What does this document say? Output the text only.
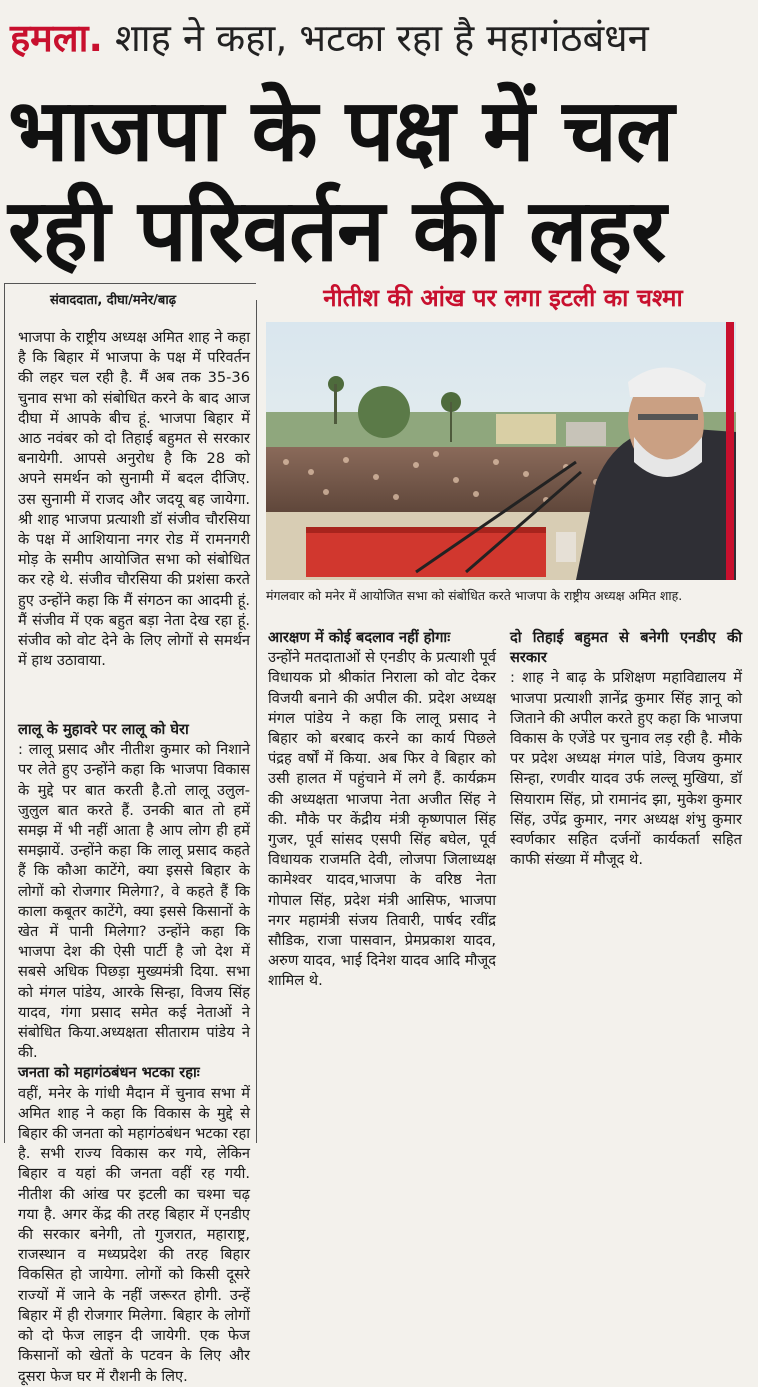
हमला. शाह ने कहा, भटका रहा है महागंठबंधन
भाजपा के पक्ष में चल
रही परिवर्तन की लहर
संवाददाता, दीघा/मनेर/बाढ़	नीतीश की आंख पर लगा इटली का चश्मा
मंगलवार को मनेर में आयोजित सभा को संबोधित करते भाजपा के राष्ट्रीय अध्यक्ष अमित शाह.

भाजपा के राष्ट्रीय अध्यक्ष अमित शाह ने कहा है कि बिहार में भाजपा के पक्ष में परिवर्तन की लहर चल रही है. मैं अब तक 35-36 चुनाव सभा को संबोधित करने के बाद आज दीघा में आपके बीच हूं. भाजपा बिहार में आठ नवंबर को दो तिहाई बहुमत से सरकार बनायेगी. आपसे अनुरोध है कि 28 को अपने समर्थन को सुनामी में बदल दीजिए. उस सुनामी में राजद और जदयू बह जायेगा. श्री शाह भाजपा प्रत्याशी डॉ संजीव चौरसिया के पक्ष में आशियाना नगर रोड में रामनगरी मोड़ के समीप आयोजित सभा को संबोधित कर रहे थे. संजीव चौरसिया की प्रशंसा करते हुए उन्होंने कहा कि मैं संगठन का आदमी हूं. मैं संजीव में एक बहुत बड़ा नेता देख रहा हूं. संजीव को वोट देने के लिए लोगों से समर्थन में हाथ उठावाया.

लालू के मुहावरे पर लालू को घेरा

: लालू प्रसाद और नीतीश कुमार को निशाने पर लेते हुए उन्होंने कहा कि भाजपा विकास के मुद्दे पर बात करती है.तो लालू उलुल-जुलुल बात करते हैं. उनकी बात तो हमें समझ में भी नहीं आता है आप लोग ही हमें समझायें. उन्होंने कहा कि लालू प्रसाद कहते हैं कि कौआ काटेंगे, क्या इससे बिहार के लोगों को रोजगार मिलेगा?, वे कहते हैं कि काला कबूतर काटेंगे, क्या इससे किसानों के खेत में पानी मिलेगा? उन्होंने कहा कि भाजपा देश की ऐसी पार्टी है जो देश में सबसे अधिक पिछड़ा मुख्यमंत्री दिया. सभा को मंगल पांडेय, आरके सिन्हा, विजय सिंह यादव, गंगा प्रसाद समेत कई नेताओं ने संबोधित किया.अध्यक्षता सीताराम पांडेय ने की.

जनता को महागंठबंधन भटका रहाः

वहीं, मनेर के गांधी मैदान में चुनाव सभा में अमित शाह ने कहा कि विकास के मुद्दे से बिहार की जनता को महागंठबंधन भटका रहा है. सभी राज्य विकास कर गये, लेकिन बिहार व यहां की जनता वहीं रह गयी. नीतीश की आंख पर इटली का चश्मा चढ़ गया है. अगर केंद्र की तरह बिहार में एनडीए की सरकार बनेगी, तो गुजरात, महाराष्ट्र, राजस्थान व मध्यप्रदेश की तरह बिहार विकसित हो जायेगा. लोगों को किसी दूसरे राज्यों में जाने के नहीं जरूरत होगी. उन्हें बिहार में ही रोजगार मिलेगा. बिहार के लोगों को दो फेज लाइन दी जायेगी. एक फेज किसानों को खेतों के पटवन के लिए और दूसरा फेज घर में रौशनी के लिए.

आरक्षण में कोई बदलाव नहीं होगाः

उन्होंने मतदाताओं से एनडीए के प्रत्याशी पूर्व विधायक प्रो श्रीकांत निराला को वोट देकर विजयी बनाने की अपील की. प्रदेश अध्यक्ष मंगल पांडेय ने कहा कि लालू प्रसाद ने बिहार को बरबाद करने का कार्य पिछले पंद्रह वर्षों में किया. अब फिर वे बिहार को उसी हालत में पहुंचाने में लगे हैं. कार्यक्रम की अध्यक्षता भाजपा नेता अजीत सिंह ने की. मौके पर केंद्रीय मंत्री कृष्णपाल सिंह गुजर, पूर्व सांसद एसपी सिंह बघेल, पूर्व विधायक राजमति देवी, लोजपा जिलाध्यक्ष कामेश्वर यादव,भाजपा के वरिष्ठ नेता गोपाल सिंह, प्रदेश मंत्री आसिफ, भाजपा नगर महामंत्री संजय तिवारी, पार्षद रवींद्र सौडिक, राजा पासवान, प्रेमप्रकाश यादव, अरुण यादव, भाई दिनेश यादव आदि मौजूद शामिल थे.

दो तिहाई बहुमत से बनेगी एनडीए की सरकार

: शाह ने बाढ़ के प्रशिक्षण महाविद्यालय में भाजपा प्रत्याशी ज्ञानेंद्र कुमार सिंह ज्ञानू को जिताने की अपील करते हुए कहा कि भाजपा विकास के एजेंडे पर चुनाव लड़ रही है. मौके पर प्रदेश अध्यक्ष मंगल पांडे, विजय कुमार सिन्हा, रणवीर यादव उर्फ लल्लू मुखिया, डॉ सियाराम सिंह, प्रो रामानंद झा, मुकेश कुमार सिंह, उपेंद्र कुमार, नगर अध्यक्ष शंभु कुमार स्वर्णकार सहित दर्जनों कार्यकर्ता सहित काफी संख्या में मौजूद थे.
